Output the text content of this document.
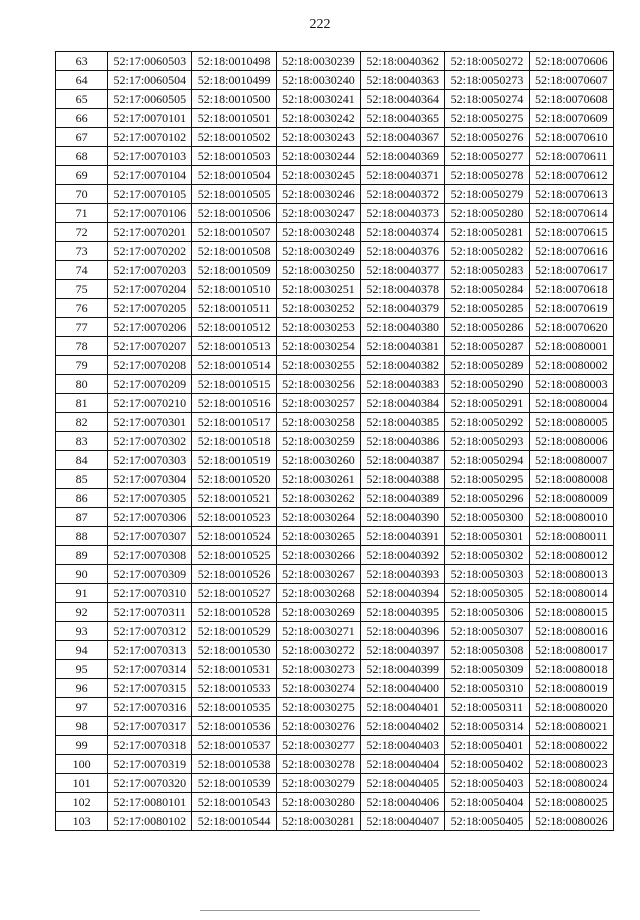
222
63	52:17:0060503	52:18:0010498	52:18:0030239	52:18:0040362	52:18:0050272	52:18:0070606
64	52:17:0060504	52:18:0010499	52:18:0030240	52:18:0040363	52:18:0050273	52:18:0070607
65	52:17:0060505	52:18:0010500	52:18:0030241	52:18:0040364	52:18:0050274	52:18:0070608
66	52:17:0070101	52:18:0010501	52:18:0030242	52:18:0040365	52:18:0050275	52:18:0070609
67	52:17:0070102	52:18:0010502	52:18:0030243	52:18:0040367	52:18:0050276	52:18:0070610
68	52:17:0070103	52:18:0010503	52:18:0030244	52:18:0040369	52:18:0050277	52:18:0070611
69	52:17:0070104	52:18:0010504	52:18:0030245	52:18:0040371	52:18:0050278	52:18:0070612
70	52:17:0070105	52:18:0010505	52:18:0030246	52:18:0040372	52:18:0050279	52:18:0070613
71	52:17:0070106	52:18:0010506	52:18:0030247	52:18:0040373	52:18:0050280	52:18:0070614
72	52:17:0070201	52:18:0010507	52:18:0030248	52:18:0040374	52:18:0050281	52:18:0070615
73	52:17:0070202	52:18:0010508	52:18:0030249	52:18:0040376	52:18:0050282	52:18:0070616
74	52:17:0070203	52:18:0010509	52:18:0030250	52:18:0040377	52:18:0050283	52:18:0070617
75	52:17:0070204	52:18:0010510	52:18:0030251	52:18:0040378	52:18:0050284	52:18:0070618
76	52:17:0070205	52:18:0010511	52:18:0030252	52:18:0040379	52:18:0050285	52:18:0070619
77	52:17:0070206	52:18:0010512	52:18:0030253	52:18:0040380	52:18:0050286	52:18:0070620
78	52:17:0070207	52:18:0010513	52:18:0030254	52:18:0040381	52:18:0050287	52:18:0080001
79	52:17:0070208	52:18:0010514	52:18:0030255	52:18:0040382	52:18:0050289	52:18:0080002
80	52:17:0070209	52:18:0010515	52:18:0030256	52:18:0040383	52:18:0050290	52:18:0080003
81	52:17:0070210	52:18:0010516	52:18:0030257	52:18:0040384	52:18:0050291	52:18:0080004
82	52:17:0070301	52:18:0010517	52:18:0030258	52:18:0040385	52:18:0050292	52:18:0080005
83	52:17:0070302	52:18:0010518	52:18:0030259	52:18:0040386	52:18:0050293	52:18:0080006
84	52:17:0070303	52:18:0010519	52:18:0030260	52:18:0040387	52:18:0050294	52:18:0080007
85	52:17:0070304	52:18:0010520	52:18:0030261	52:18:0040388	52:18:0050295	52:18:0080008
86	52:17:0070305	52:18:0010521	52:18:0030262	52:18:0040389	52:18:0050296	52:18:0080009
87	52:17:0070306	52:18:0010523	52:18:0030264	52:18:0040390	52:18:0050300	52:18:0080010
88	52:17:0070307	52:18:0010524	52:18:0030265	52:18:0040391	52:18:0050301	52:18:0080011
89	52:17:0070308	52:18:0010525	52:18:0030266	52:18:0040392	52:18:0050302	52:18:0080012
90	52:17:0070309	52:18:0010526	52:18:0030267	52:18:0040393	52:18:0050303	52:18:0080013
91	52:17:0070310	52:18:0010527	52:18:0030268	52:18:0040394	52:18:0050305	52:18:0080014
92	52:17:0070311	52:18:0010528	52:18:0030269	52:18:0040395	52:18:0050306	52:18:0080015
93	52:17:0070312	52:18:0010529	52:18:0030271	52:18:0040396	52:18:0050307	52:18:0080016
94	52:17:0070313	52:18:0010530	52:18:0030272	52:18:0040397	52:18:0050308	52:18:0080017
95	52:17:0070314	52:18:0010531	52:18:0030273	52:18:0040399	52:18:0050309	52:18:0080018
96	52:17:0070315	52:18:0010533	52:18:0030274	52:18:0040400	52:18:0050310	52:18:0080019
97	52:17:0070316	52:18:0010535	52:18:0030275	52:18:0040401	52:18:0050311	52:18:0080020
98	52:17:0070317	52:18:0010536	52:18:0030276	52:18:0040402	52:18:0050314	52:18:0080021
99	52:17:0070318	52:18:0010537	52:18:0030277	52:18:0040403	52:18:0050401	52:18:0080022
100	52:17:0070319	52:18:0010538	52:18:0030278	52:18:0040404	52:18:0050402	52:18:0080023
101	52:17:0070320	52:18:0010539	52:18:0030279	52:18:0040405	52:18:0050403	52:18:0080024
102	52:17:0080101	52:18:0010543	52:18:0030280	52:18:0040406	52:18:0050404	52:18:0080025
103	52:17:0080102	52:18:0010544	52:18:0030281	52:18:0040407	52:18:0050405	52:18:0080026
